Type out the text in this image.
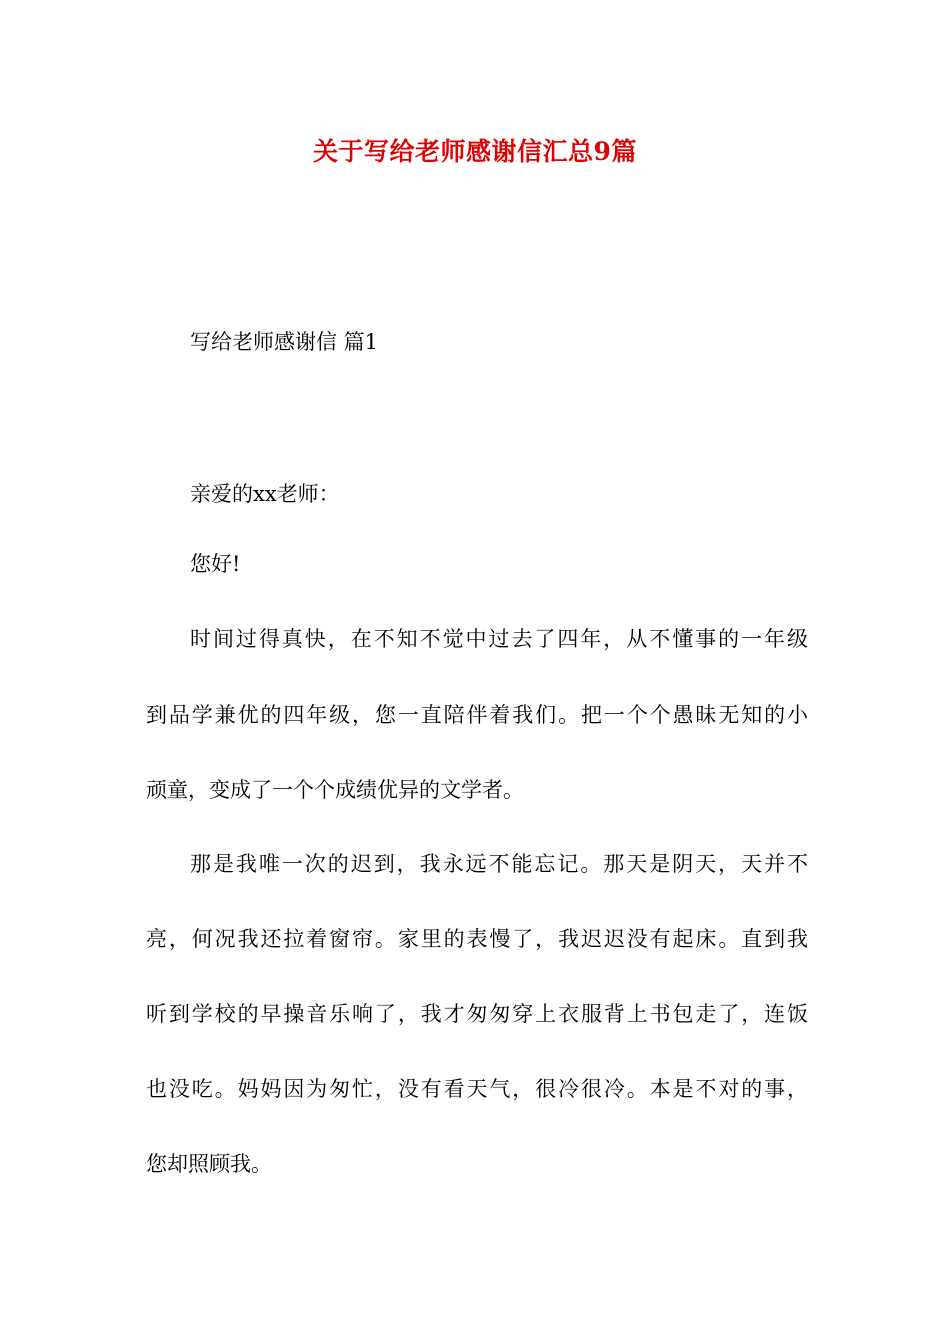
关于写给老师感谢信汇总9篇
写给老师感谢信 篇1
亲爱的xx老师：
您好!
时间过得真快，在不知不觉中过去了四年，从不懂事的一年级
到品学兼优的四年级，您一直陪伴着我们。把一个个愚昧无知的小
顽童，变成了一个个成绩优异的文学者。
那是我唯一次的迟到，我永远不能忘记。那天是阴天，天并不
亮，何况我还拉着窗帘。家里的表慢了，我迟迟没有起床。直到我
听到学校的早操音乐响了，我才匆匆穿上衣服背上书包走了，连饭
也没吃。妈妈因为匆忙，没有看天气，很冷很冷。本是不对的事，
您却照顾我。
